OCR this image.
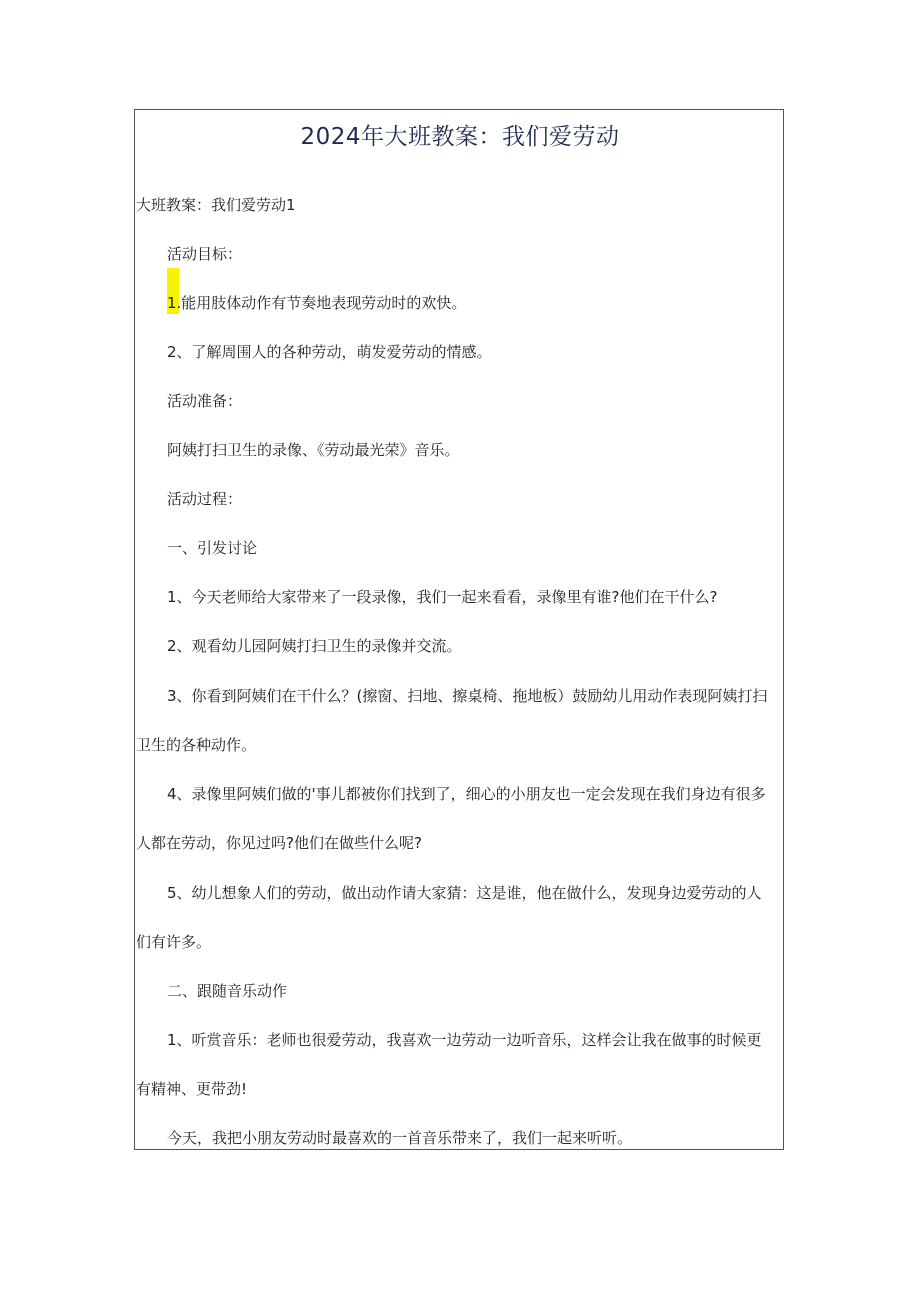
2024年大班教案：我们爱劳动
大班教案：我们爱劳动1
活动目标：
1.能用肢体动作有节奏地表现劳动时的欢快。
2、了解周围人的各种劳动，萌发爱劳动的情感。
活动准备：
阿姨打扫卫生的录像、《劳动最光荣》音乐。
活动过程：
一、引发讨论
1、今天老师给大家带来了一段录像，我们一起来看看，录像里有谁?他们在干什么?
2、观看幼儿园阿姨打扫卫生的录像并交流。
3、你看到阿姨们在干什么？(擦窗、扫地、擦桌椅、拖地板）鼓励幼儿用动作表现阿姨打扫
卫生的各种动作。
4、录像里阿姨们做的'事儿都被你们找到了，细心的小朋友也一定会发现在我们身边有很多
人都在劳动，你见过吗?他们在做些什么呢?
5、幼儿想象人们的劳动，做出动作请大家猜：这是谁，他在做什么，发现身边爱劳动的人
们有许多。
二、跟随音乐动作
1、听赏音乐：老师也很爱劳动，我喜欢一边劳动一边听音乐，这样会让我在做事的时候更
有精神、更带劲!
今天，我把小朋友劳动时最喜欢的一首音乐带来了，我们一起来听听。
